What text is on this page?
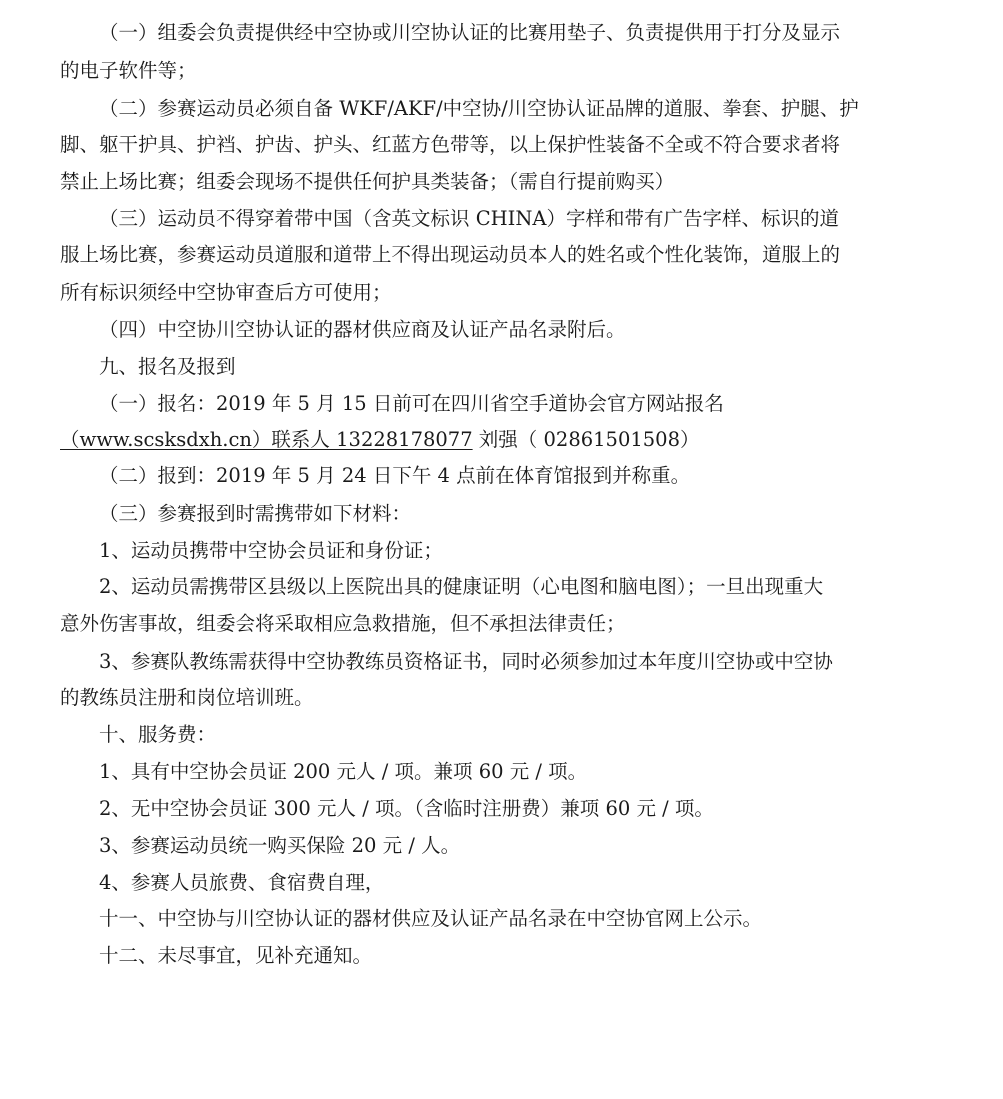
（一）组委会负责提供经中空协或川空协认证的比赛用垫子、负责提供用于打分及显示
的电子软件等；
（二）参赛运动员必须自备 WKF/AKF/中空协/川空协认证品牌的道服、拳套、护腿、护
脚、躯干护具、护裆、护齿、护头、红蓝方色带等，以上保护性装备不全或不符合要求者将
禁止上场比赛；组委会现场不提供任何护具类装备；（需自行提前购买）
（三）运动员不得穿着带中国（含英文标识 CHINA）字样和带有广告字样、标识的道
服上场比赛，参赛运动员道服和道带上不得出现运动员本人的姓名或个性化装饰，道服上的
所有标识须经中空协审查后方可使用；
（四）中空协川空协认证的器材供应商及认证产品名录附后。
九、报名及报到
（一）报名：2019 年 5 月 15 日前可在四川省空手道协会官方网站报名
（www.scsksdxh.cn）联系人 13228178077 刘强（ 02861501508）
（二）报到：2019 年 5 月 24 日下午 4 点前在体育馆报到并称重。
（三）参赛报到时需携带如下材料：
1、运动员携带中空协会员证和身份证；
2、运动员需携带区县级以上医院出具的健康证明（心电图和脑电图）；一旦出现重大
意外伤害事故，组委会将采取相应急救措施，但不承担法律责任；
3、参赛队教练需获得中空协教练员资格证书，同时必须参加过本年度川空协或中空协
的教练员注册和岗位培训班。
十、服务费：
1、具有中空协会员证 200 元人 / 项。兼项 60 元 / 项。
2、无中空协会员证 300 元人 / 项。（含临时注册费）兼项 60 元 / 项。
3、参赛运动员统一购买保险 20 元 / 人。
4、参赛人员旅费、食宿费自理，
十一、中空协与川空协认证的器材供应及认证产品名录在中空协官网上公示。
十二、未尽事宜，见补充通知。
